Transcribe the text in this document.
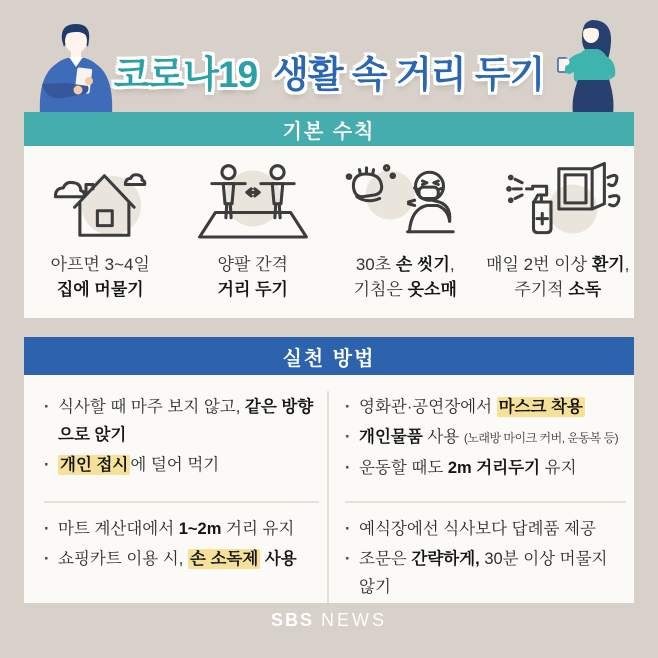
코로나19 생활 속 거리 두기
기본 수칙
아프면 3~4일
집에 머물기
양팔 간격
거리 두기
30초 손 씻기,
기침은 옷소매
매일 2번 이상 환기,
주기적 소독
실천 방법
· 식사할 때 마주 보지 않고, 같은 방향
으로 앉기
· 개인 접시 에 덜어 먹기
· 마트 계산대에서 1~2m 거리 유지
· 쇼핑카트 이용 시, 손 소독제 사용
· 영화관·공연장에서 마스크 착용
· 개인물품 사용 (노래방 마이크 커버, 운동복 등)
· 운동할 때도 2m 거리두기 유지
· 예식장에선 식사보다 답례품 제공
· 조문은 간략하게, 30분 이상 머물지
않기
SBS NEWS
